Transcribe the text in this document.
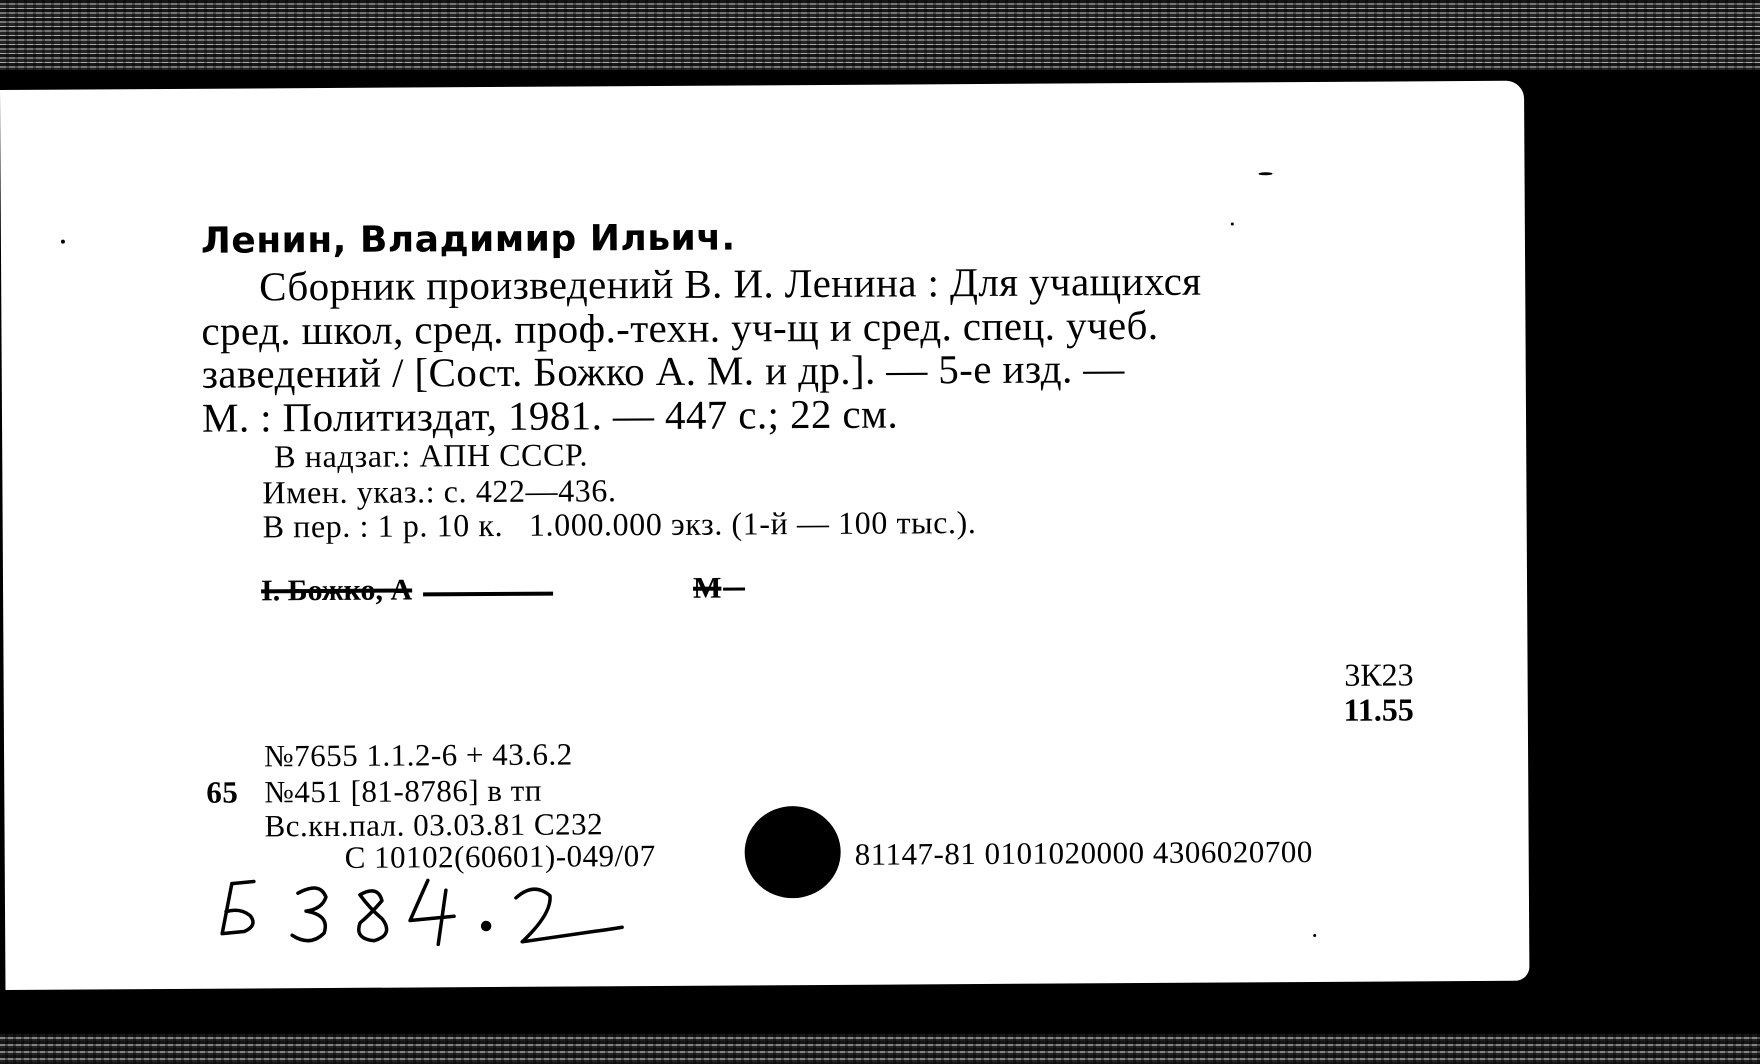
Ленин, Владимир Ильич.
Сборник произведений В. И. Ленина : Для учащихся
сред. школ, сред. проф.-техн. уч-щ и сред. спец. учеб.
заведений / [Сост. Божко А. М. и др.]. — 5-е изд. —
М. : Политиздат, 1981. — 447 с.; 22 см.
В надзаг.: АПН СССР.
Имен. указ.: с. 422—436.
В пер. : 1 р. 10 к.   1.000.000 экз. (1-й — 100 тыс.).
I. Божко, А	М
3К23
11.55
№7655 1.1.2-6 + 43.6.2
65 №451 [81-8786] в тп
Вс.кн.пал. 03.03.81 С232
С 10102(60601)-049/07	81147-81 0101020000 4306020700
